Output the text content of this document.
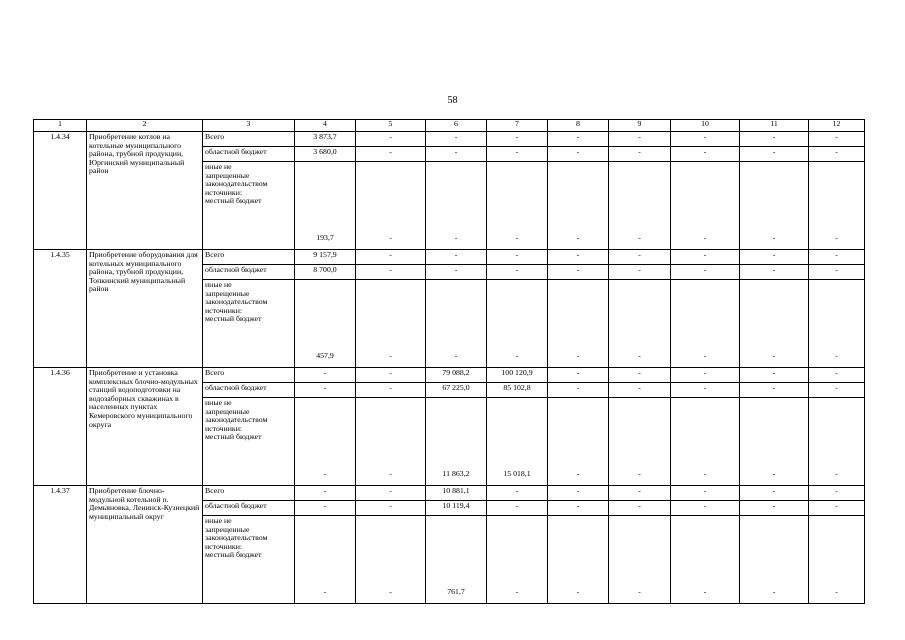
58
1	2	3	4	5	6	7	8	9	10	11	12
1.4.34	Приобретение котлов на котельные муниципального района, трубной продукции, Юргинский муниципальный район	Всего	3 873,7	-	-	-	-	-	-	-	-
		областной бюджет	3 680,0	-	-	-	-	-	-	-	-
		иные не
запрещенные
законодательством
источники:
местный бюджет	193,7	-	-	-	-	-	-	-	-
1.4.35	Приобретение оборудования для котельных муниципального района, трубной продукции, Топкинский муниципальный район	Всего	9 157,9	-	-	-	-	-	-	-	-
		областной бюджет	8 700,0	-	-	-	-	-	-	-	-
		иные не
запрещенные
законодательством
источники:
местный бюджет	457,9	-	-	-	-	-	-	-	-
1.4.36	Приобретение и установка комплексных блочно-модульных станций водоподготовки на водозаборных скважинах в населенных пунктах Кемеровского муниципального округа	Всего	-	-	79 088,2	100 120,9	-	-	-	-	-
		областной бюджет	-	-	67 225,0	85 102,8	-	-	-	-	-
		иные не
запрещенные
законодательством
источники:
местный бюджет	-	-	11 863,2	15 018,1	-	-	-	-	-
1.4.37	Приобретение блочно-модульной котельной п. Демьяновка, Ленинск-Кузнецкий муниципальный округ	Всего	-	-	10 881,1	-	-	-	-	-	-
		областной бюджет	-	-	10 119,4	-	-	-	-	-	-
		иные не
запрещенные
законодательством
источники:
местный бюджет	-	-	761,7	-	-	-	-	-	-
